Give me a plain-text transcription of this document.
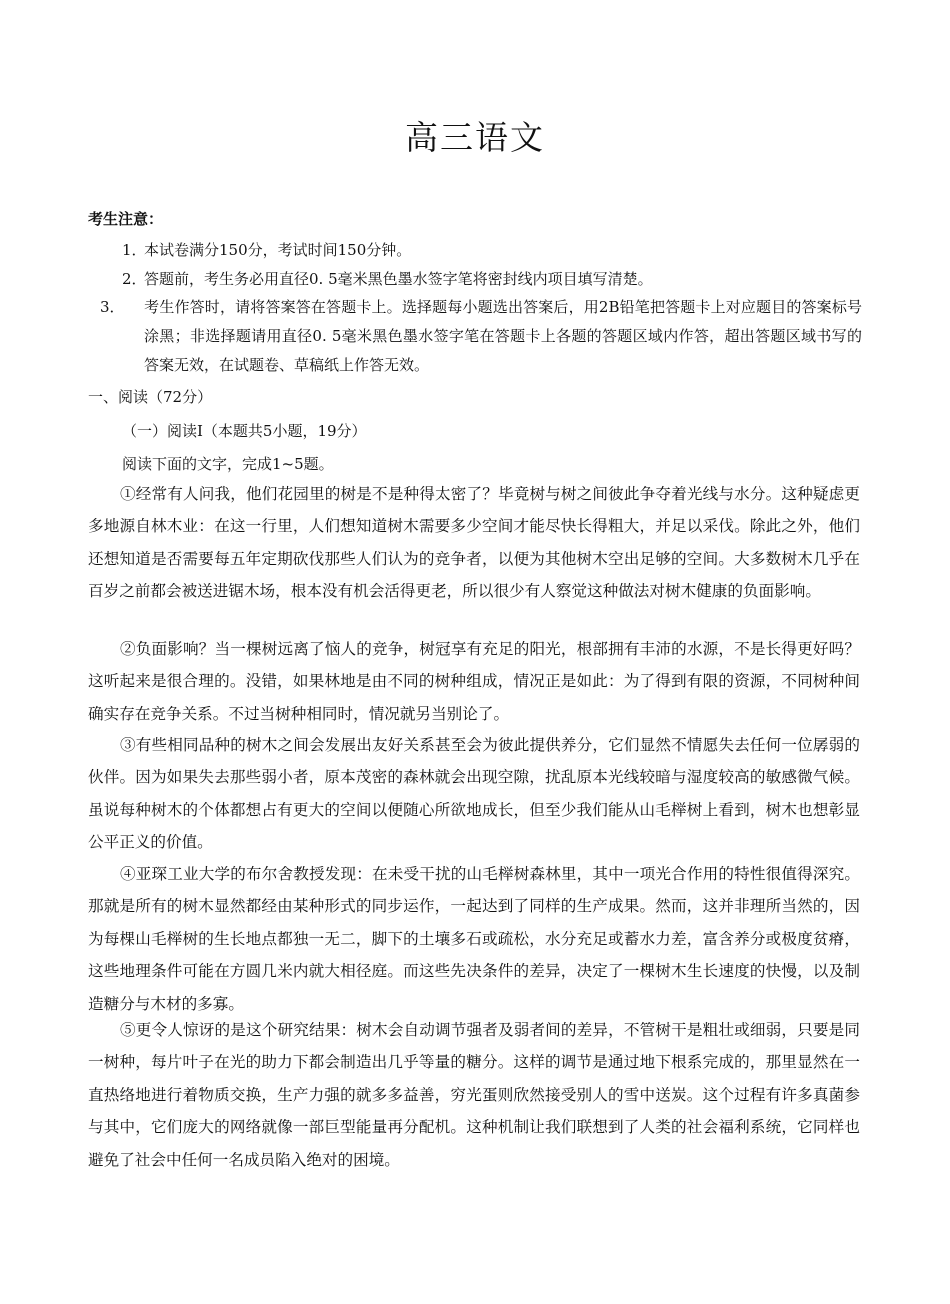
高三语文
考生注意：
1．本试卷满分150分，考试时间150分钟。
2．答题前，考生务必用直径0. 5毫米黑色墨水签字笔将密封线内项目填写清楚。
3． 考生作答时，请将答案答在答题卡上。选择题每小题选出答案后，用2B铅笔把答题卡上对应题目的答案标号涂黑；非选择题请用直径0. 5毫米黑色墨水签字笔在答题卡上各题的答题区域内作答，超出答题区域书写的答案无效，在试题卷、草稿纸上作答无效。
一、阅读（72分）
（一）阅读I（本题共5小题，19分）
阅读下面的文字，完成1~5题。

①经常有人问我，他们花园里的树是不是种得太密了？毕竟树与树之间彼此争夺着光线与水分。这种疑虑更多地源自林木业：在这一行里，人们想知道树木需要多少空间才能尽快长得粗大，并足以采伐。除此之外，他们还想知道是否需要每五年定期砍伐那些人们认为的竞争者，以便为其他树木空出足够的空间。大多数树木几乎在百岁之前都会被送进锯木场，根本没有机会活得更老，所以很少有人察觉这种做法对树木健康的负面影响。

②负面影响？当一棵树远离了恼人的竞争，树冠享有充足的阳光，根部拥有丰沛的水源，不是长得更好吗？这听起来是很合理的。没错，如果林地是由不同的树种组成，情况正是如此：为了得到有限的资源，不同树种间确实存在竞争关系。不过当树种相同时，情况就另当别论了。

③有些相同品种的树木之间会发展出友好关系甚至会为彼此提供养分，它们显然不情愿失去任何一位孱弱的伙伴。因为如果失去那些弱小者，原本茂密的森林就会出现空隙，扰乱原本光线较暗与湿度较高的敏感微气候。虽说每种树木的个体都想占有更大的空间以便随心所欲地成长，但至少我们能从山毛榉树上看到，树木也想彰显公平正义的价值。

④亚琛工业大学的布尔舍教授发现：在未受干扰的山毛榉树森林里，其中一项光合作用的特性很值得深究。那就是所有的树木显然都经由某种形式的同步运作，一起达到了同样的生产成果。然而，这并非理所当然的，因为每棵山毛榉树的生长地点都独一无二，脚下的土壤多石或疏松，水分充足或蓄水力差，富含养分或极度贫瘠，这些地理条件可能在方圆几米内就大相径庭。而这些先决条件的差异，决定了一棵树木生长速度的快慢，以及制造糖分与木材的多寡。

⑤更令人惊讶的是这个研究结果：树木会自动调节强者及弱者间的差异，不管树干是粗壮或细弱，只要是同一树种，每片叶子在光的助力下都会制造出几乎等量的糖分。这样的调节是通过地下根系完成的，那里显然在一直热络地进行着物质交换，生产力强的就多多益善，穷光蛋则欣然接受别人的雪中送炭。这个过程有许多真菌参与其中，它们庞大的网络就像一部巨型能量再分配机。这种机制让我们联想到了人类的社会福利系统，它同样也避免了社会中任何一名成员陷入绝对的困境。
